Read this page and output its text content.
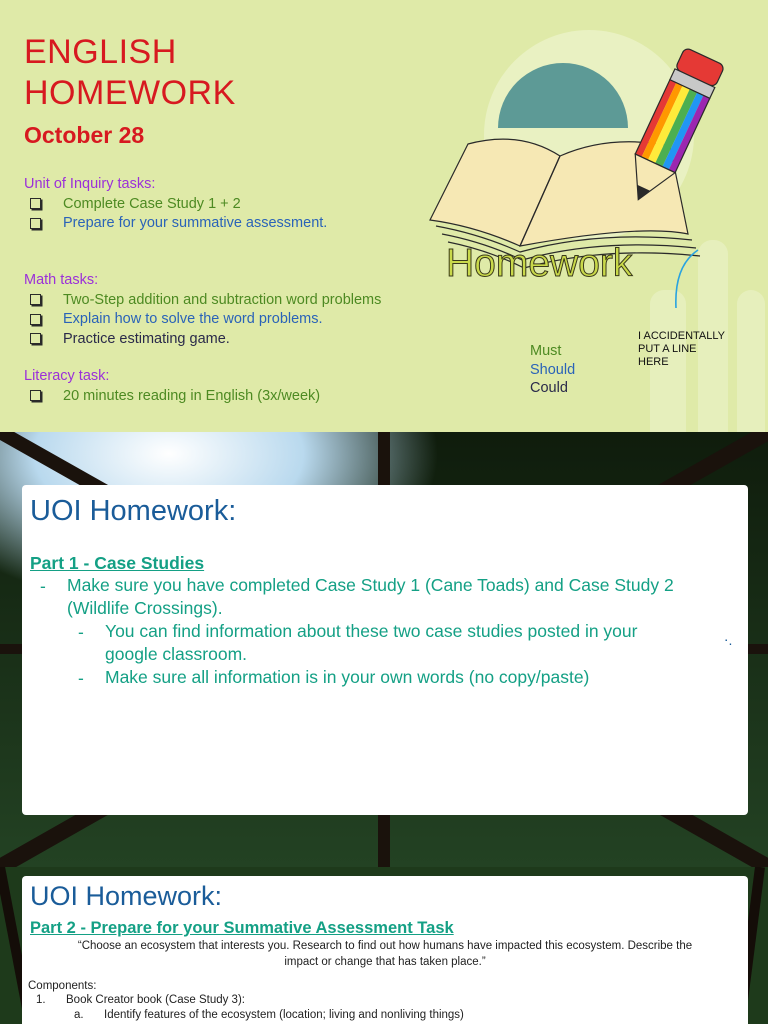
ENGLISH
HOMEWORK

October 28

Unit of Inquiry tasks:
Complete Case Study 1 + 2
Prepare for your summative assessment.
Math tasks:
Two-Step addition and subtraction word problems
Explain how to solve the word problems.
Practice estimating game.
Literacy task:
20 minutes reading in English (3x/week)
Homework
Must
Should
Could
I ACCIDENTALLY
PUT A LINE
HERE
UOI Homework:
Part 1 - Case Studies
- Make sure you have completed Case Study 1 (Cane Toads) and Case Study 2
(Wildlife Crossings).
- You can find information about these two case studies posted in your
google classroom.
- Make sure all information is in your own words (no copy/paste)
⋅.
UOI Homework:
Part 2 - Prepare for your Summative Assessment Task
“Choose an ecosystem that interests you. Research to find out how humans have impacted this ecosystem. Describe the
impact or change that has taken place.”
Components:
1. Book Creator book (Case Study 3):
a. Identify features of the ecosystem (location; living and nonliving things)
